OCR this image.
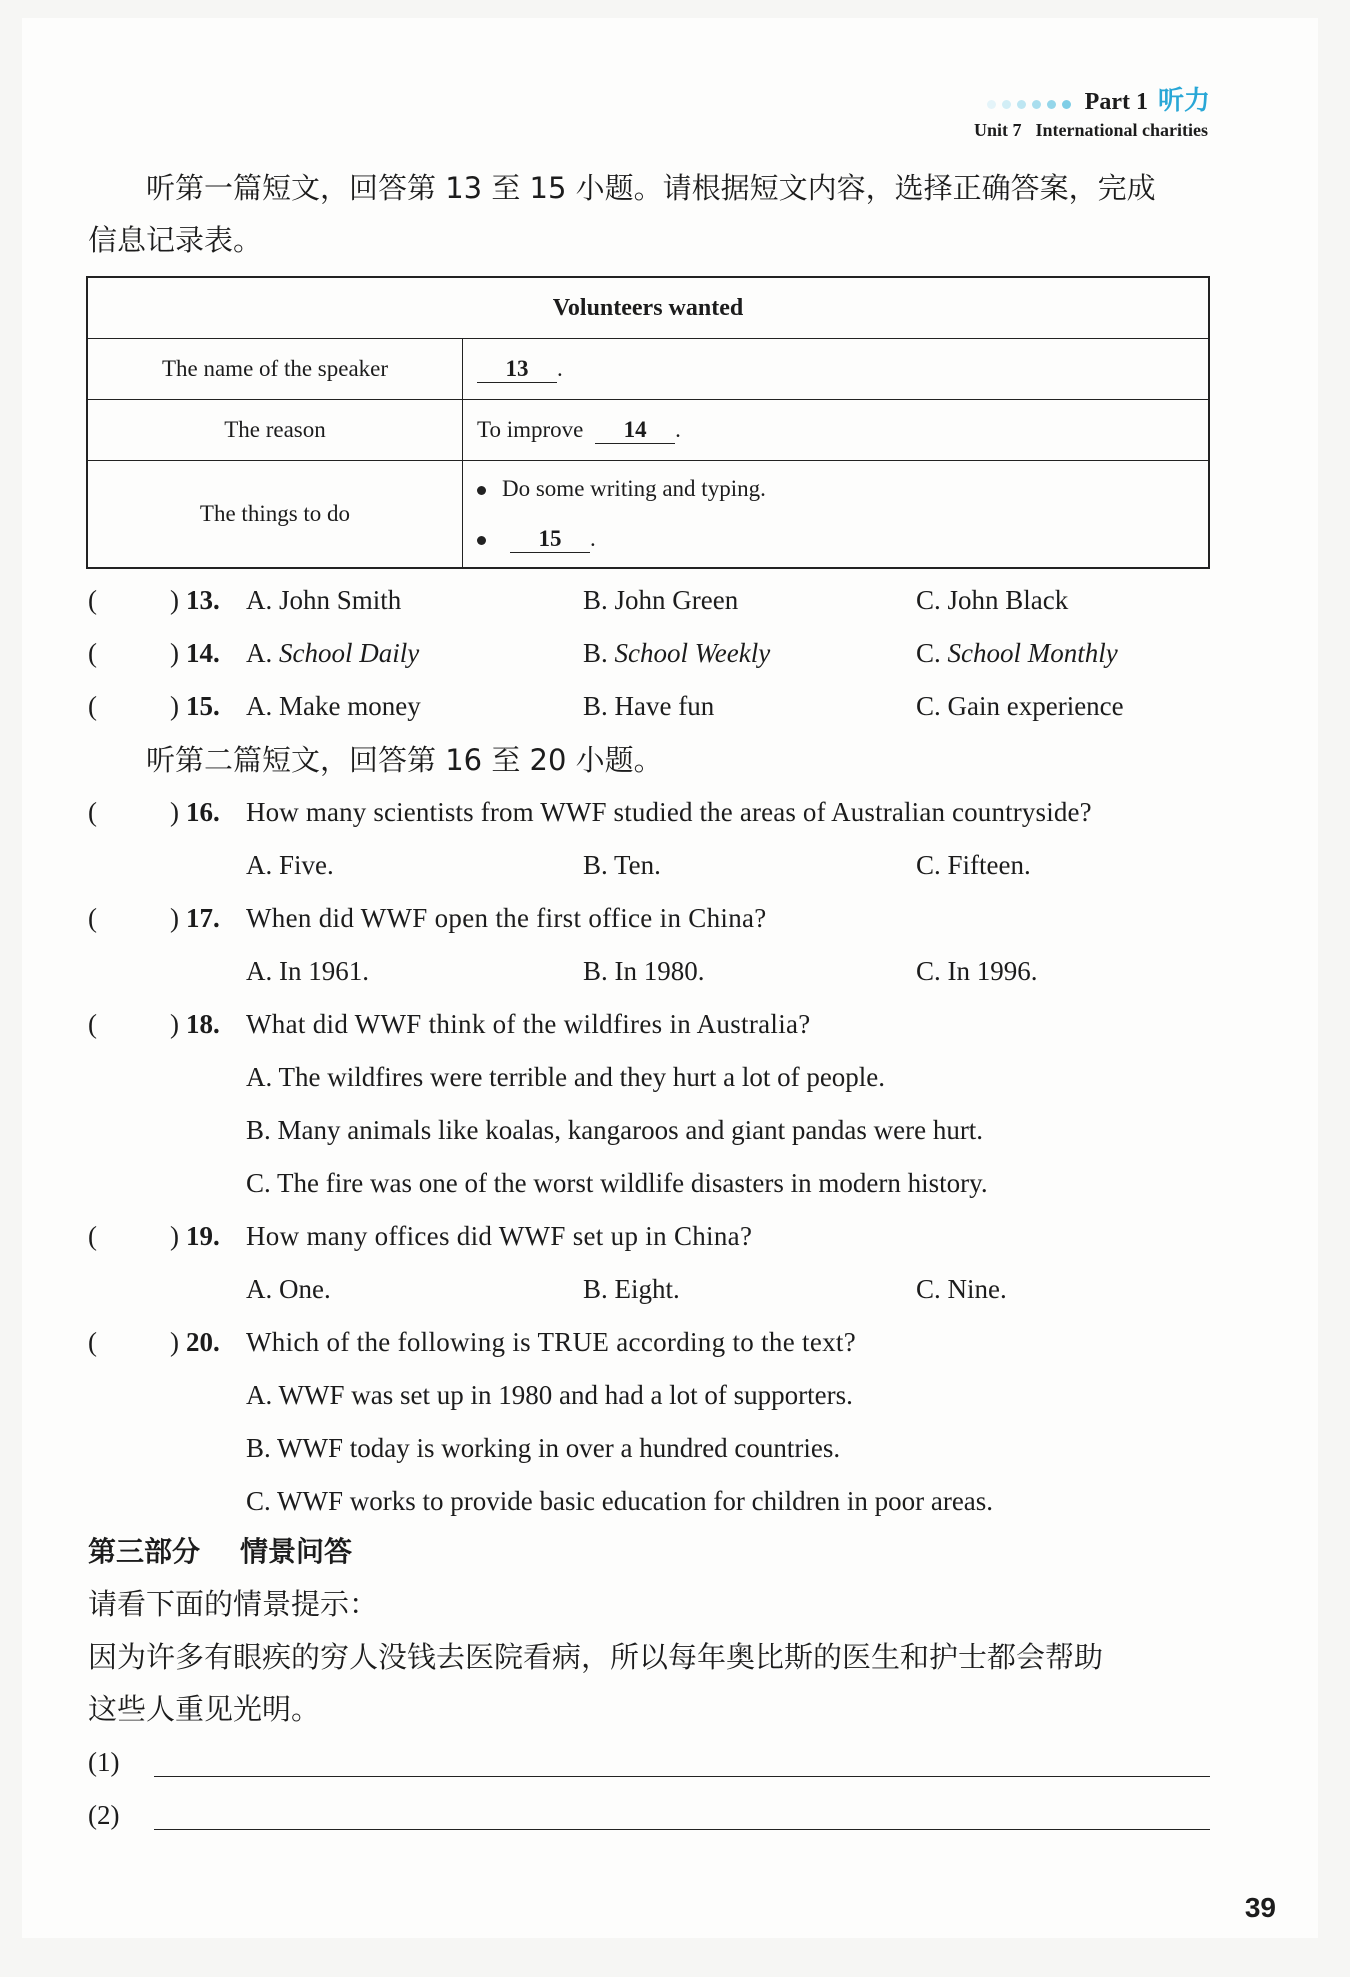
Part 1 听力
Unit 7 International charities
听第一篇短文，回答第 13 至 15 小题。请根据短文内容，选择正确答案，完成
信息记录表。
Volunteers wanted	
The name of the speaker	13 .
The reason	To improve 14 .
The things to do	Do some writing and typing.
15 .
(	) 13. A. John Smith	B. John Green	C. John Black
(	) 14. A. School Daily	B. School Weekly	C. School Monthly
(	) 15. A. Make money	B. Have fun	C. Gain experience
听第二篇短文，回答第 16 至 20 小题。
(	) 16. How many scientists from WWF studied the areas of Australian countryside?
A. Five.	B. Ten.	C. Fifteen.
(	) 17. When did WWF open the first office in China?
A. In 1961.	B. In 1980.	C. In 1996.
(	) 18. What did WWF think of the wildfires in Australia?
A. The wildfires were terrible and they hurt a lot of people.
B. Many animals like koalas, kangaroos and giant pandas were hurt.
C. The fire was one of the worst wildlife disasters in modern history.
(	) 19. How many offices did WWF set up in China?
A. One.	B. Eight.	C. Nine.
(	) 20. Which of the following is TRUE according to the text?
A. WWF was set up in 1980 and had a lot of supporters.
B. WWF today is working in over a hundred countries.
C. WWF works to provide basic education for children in poor areas.
第三部分 情景问答
请看下面的情景提示：
因为许多有眼疾的穷人没钱去医院看病，所以每年奥比斯的医生和护士都会帮助
这些人重见光明。
(1)
(2)
39
